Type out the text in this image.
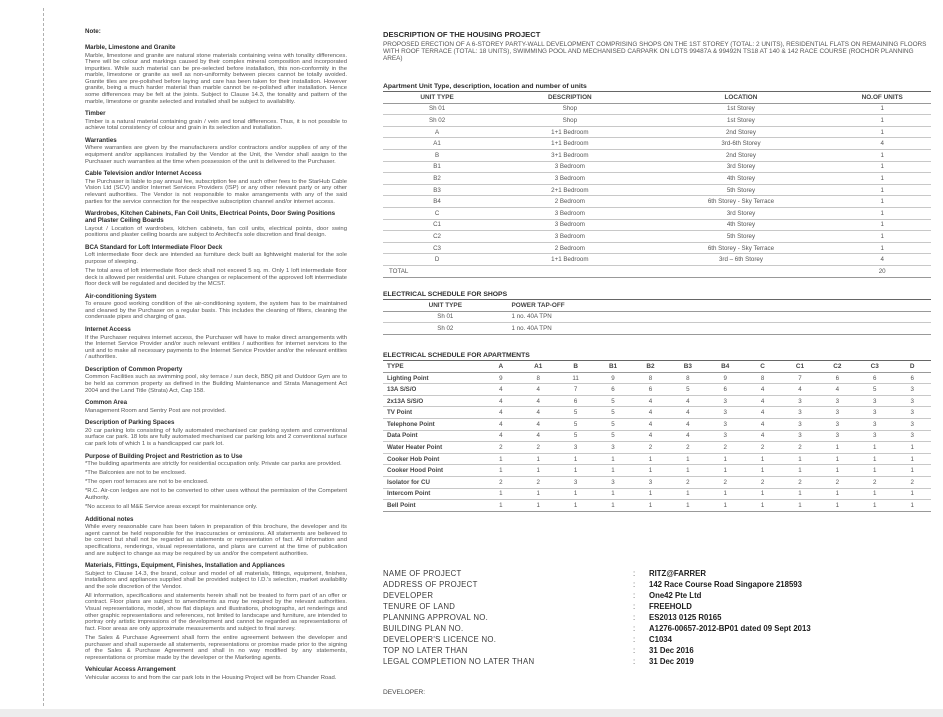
Note:
Marble, Limestone and Granite

Marble, limestone and granite are natural stone materials containing veins with tonality differences. There will be colour and markings caused by their complex mineral composition and incorporated impurities. While such material can be pre-selected before installation, this non-conformity in the marble, limestone or granite as well as non-uniformity between pieces cannot be totally avoided. Granite tiles are pre-polished before laying and care has been taken for their installation. However granite, being a much harder material than marble cannot be re-polished after installation. Hence some differences may be felt at the joints. Subject to Clause 14.3, the tonality and pattern of the marble, limestone or granite selected and installed shall be subject to availability.

Timber

Timber is a natural material containing grain / vein and tonal differences. Thus, it is not possible to achieve total consistency of colour and grain in its selection and installation.

Warranties

Where warranties are given by the manufacturers and/or contractors and/or supplies of any of the equipment and/or appliances installed by the Vendor at the Unit, the Vendor shall assign to the Purchaser such warranties at the time when possession of the unit is delivered to the Purchaser.

Cable Television and/or Internet Access

The Purchaser is liable to pay annual fee, subscription fee and such other fees to the StarHub Cable Vision Ltd (SCV) and/or Internet Services Providers (ISP) or any other relevant party or any other relevant authorities. The Vendor is not responsible to make arrangements with any of the said parties for the service connection for the respective subscription channel and/or internet access.

Wardrobes, Kitchen Cabinets, Fan Coil Units, Electrical Points, Door Swing Positions and Plaster Ceiling Boards

Layout / Location of wardrobes, kitchen cabinets, fan coil units, electrical points, door swing positions and plaster ceiling boards are subject to Architect's sole discretion and final design.

BCA Standard for Loft Intermediate Floor Deck

Loft intermediate floor deck are intended as furniture deck built as lightweight material for the sole purpose of sleeping.

The total area of loft intermediate floor deck shall not exceed 5 sq. m. Only 1 loft intermediate floor deck is allowed per residential unit. Future changes or replacement of the approved loft intermediate floor deck will be regulated and decided by the MCST.

Air-conditioning System

To ensure good working condition of the air-conditioning system, the system has to be maintained and cleaned by the Purchaser on a regular basis. This includes the cleaning of filters, cleaning the condensate pipes and charging of gas.

Internet Access

If the Purchaser requires internet access, the Purchaser will have to make direct arrangements with the Internet Service Provider and/or such relevant entities / authorities for internet services to the unit and to make all necessary payments to the Internet Service Provider and/or the relevant entities / authorities.

Description of Common Property

Common Facilities such as swimming pool, sky terrace / sun deck, BBQ pit and Outdoor Gym are to be held as common property as defined in the Building Maintenance and Strata Management Act 2004 and the Land Title (Strata) Act, Cap 158.

Common Area

Management Room and Sentry Post are not provided.

Description of Parking Spaces

20 car parking lots consisting of fully automated mechanised car parking system and conventional surface car park. 18 lots are fully automated mechanised car parking lots and 2 conventional surface car park lots of which 1 is a handicapped car park lot.

Purpose of Building Project and Restriction as to Use

*The building apartments are strictly for residential occupation only. Private car parks are provided.

*The Balconies are not to be enclosed.

*The open roof terraces are not to be enclosed.

*R.C. Air-con ledges are not to be converted to other uses without the permission of the Competent Authority.

*No access to all M&E Service areas except for maintenance only.

Additional notes

While every reasonable care has been taken in preparation of this brochure, the developer and its agent cannot be held responsible for the inaccuracies or omissions. All statements are believed to be correct but shall not be regarded as statements or representation of fact. All information and specifications, renderings, visual representations, and plans are current at the time of publication and are subject to change as may be required by us and/or the competent authorities.

Materials, Fittings, Equipment, Finishes, Installation and Appliances

Subject to Clause 14.3, the brand, colour and model of all materials, fittings, equipment, finishes, installations and appliances supplied shall be provided subject to I.D.'s selection, market availability and the sole discretion of the Vendor.

All information, specifications and statements herein shall not be treated to form part of an offer or contract. Floor plans are subject to amendments as may be required by the relevant authorities. Visual representations, model, show flat displays and illustrations, photographs, art renderings and other graphic representations and references, not limited to landscape and furniture, are intended to portray only artistic impressions of the development and cannot be regarded as representations of fact. Floor areas are only approximate measurements and subject to final survey.

The Sales & Purchase Agreement shall form the entire agreement between the developer and purchaser and shall supersede all statements, representations or promise made prior to the signing of the Sales & Purchase Agreement and shall in no way modified by any statements, representations or promise made by the developer or the Marketing agents.

Vehicular Access Arrangement

Vehicular access to and from the car park lots in the Housing Project will be from Chander Road.

DESCRIPTION OF THE HOUSING PROJECT
PROPOSED ERECTION OF A 6-STOREY PARTY-WALL DEVELOPMENT COMPRISING SHOPS ON THE 1ST STOREY (TOTAL: 2 UNITS), RESIDENTIAL FLATS ON REMAINING FLOORS WITH ROOF TERRACE (TOTAL: 18 UNITS), SWIMMING POOL AND MECHANISED CARPARK ON LOTS 99487A & 99492N TS18 AT 140 & 142 RACE COURSE (ROCHOR PLANNING AREA)
Apartment Unit Type, description, location and number of units
UNIT TYPE	DESCRIPTION	LOCATION	NO.OF UNITS
Sh 01	Shop	1st Storey	1
Sh 02	Shop	1st Storey	1
A	1+1 Bedroom	2nd Storey	1
A1	1+1 Bedroom	3rd-6th Storey	4
B	3+1 Bedroom	2nd Storey	1
B1	3 Bedroom	3rd Storey	1
B2	3 Bedroom	4th Storey	1
B3	2+1 Bedroom	5th Storey	1
B4	2 Bedroom	6th Storey - Sky Terrace	1
C	3 Bedroom	3rd Storey	1
C1	3 Bedroom	4th Storey	1
C2	3 Bedroom	5th Storey	1
C3	2 Bedroom	6th Storey - Sky Terrace	1
D	1+1 Bedroom	3rd – 6th Storey	4
TOTAL			20
ELECTRICAL SCHEDULE FOR SHOPS
UNIT TYPE	POWER TAP-OFF
Sh 01	1 no. 40A TPN
Sh 02	1 no. 40A TPN
ELECTRICAL SCHEDULE FOR APARTMENTS
TYPE	A	A1	B	B1	B2	B3	B4	C	C1	C2	C3	D
Lighting Point	9	8	11	9	8	8	9	8	7	6	6	6
13A S/S/O	4	4	7	6	6	5	6	4	4	4	5	3
2x13A S/S/O	4	4	6	5	4	4	3	4	3	3	3	3
TV Point	4	4	5	5	4	4	3	4	3	3	3	3
Telephone Point	4	4	5	5	4	4	3	4	3	3	3	3
Data Point	4	4	5	5	4	4	3	4	3	3	3	3
Water Heater Point	2	2	3	3	2	2	2	2	2	1	1	1
Cooker Hob Point	1	1	1	1	1	1	1	1	1	1	1	1
Cooker Hood Point	1	1	1	1	1	1	1	1	1	1	1	1
Isolator for CU	2	2	3	3	3	2	2	2	2	2	2	2
Intercom Point	1	1	1	1	1	1	1	1	1	1	1	1
Bell Point	1	1	1	1	1	1	1	1	1	1	1	1
NAME OF PROJECT	:	RITZ@FARRER
ADDRESS OF PROJECT	:	142 Race Course Road Singapore 218593
DEVELOPER	:	One42 Pte Ltd
TENURE OF LAND	:	FREEHOLD
PLANNING APPROVAL NO.	:	ES2013 0125 R0165
BUILDING PLAN NO.	:	A1276-00657-2012-BP01 dated 09 Sept 2013
DEVELOPER'S LICENCE NO.	:	C1034
TOP NO LATER THAN	:	31 Dec 2016
LEGAL COMPLETION NO LATER THAN	:	31 Dec 2019
DEVELOPER:
